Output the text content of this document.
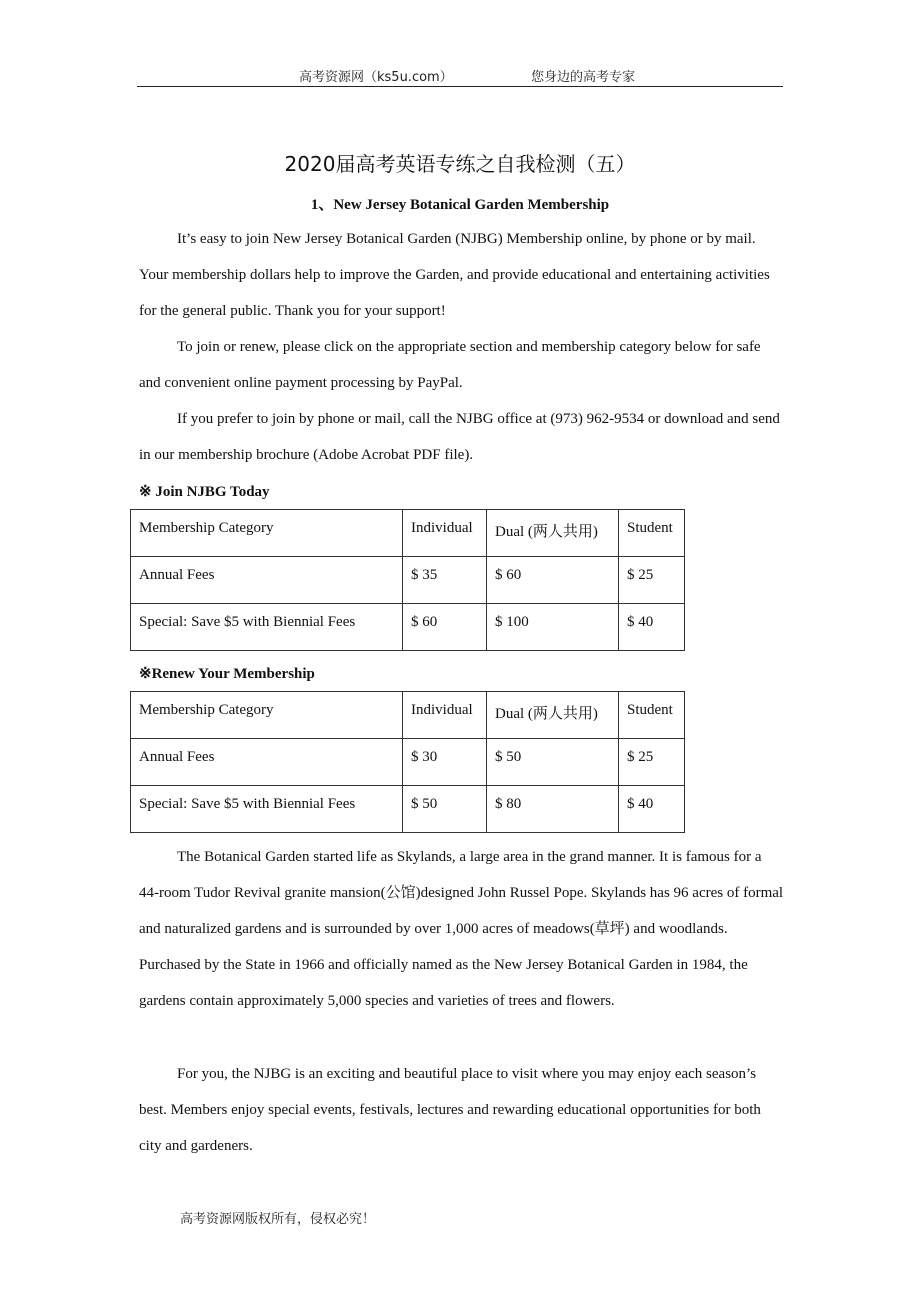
高考资源网（ks5u.com）	您身边的高考专家
2020届高考英语专练之自我检测（五）
1、New Jersey Botanical Garden Membership

It’s easy to join New Jersey Botanical Garden (NJBG) Membership online, by phone or by mail. Your membership dollars help to improve the Garden, and provide educational and entertaining activities for the general public. Thank you for your support!

To join or renew, please click on the appropriate section and membership category below for safe and convenient online payment processing by PayPal.

If you prefer to join by phone or mail, call the NJBG office at (973) 962-9534 or download and send in our membership brochure (Adobe Acrobat PDF file).

※ Join NJBG Today
Membership Category	Individual	Dual (两人共用)	Student
Annual Fees	$ 35	$ 60	$ 25
Special: Save $5 with Biennial Fees	$ 60	$ 100	$ 40
※Renew Your Membership
Membership Category	Individual	Dual (两人共用)	Student
Annual Fees	$ 30	$ 50	$ 25
Special: Save $5 with Biennial Fees	$ 50	$ 80	$ 40

The Botanical Garden started life as Skylands, a large area in the grand manner. It is famous for a 44-room Tudor Revival granite mansion(公馆)designed John Russel Pope. Skylands has 96 acres of formal and naturalized gardens and is surrounded by over 1,000 acres of meadows(草坪) and woodlands. Purchased by the State in 1966 and officially named as the New Jersey Botanical Garden in 1984, the gardens contain approximately 5,000 species and varieties of trees and flowers.

For you, the NJBG is an exciting and beautiful place to visit where you may enjoy each season’s best. Members enjoy special events, festivals, lectures and rewarding educational opportunities for both city and gardeners.

高考资源网版权所有，侵权必究！
